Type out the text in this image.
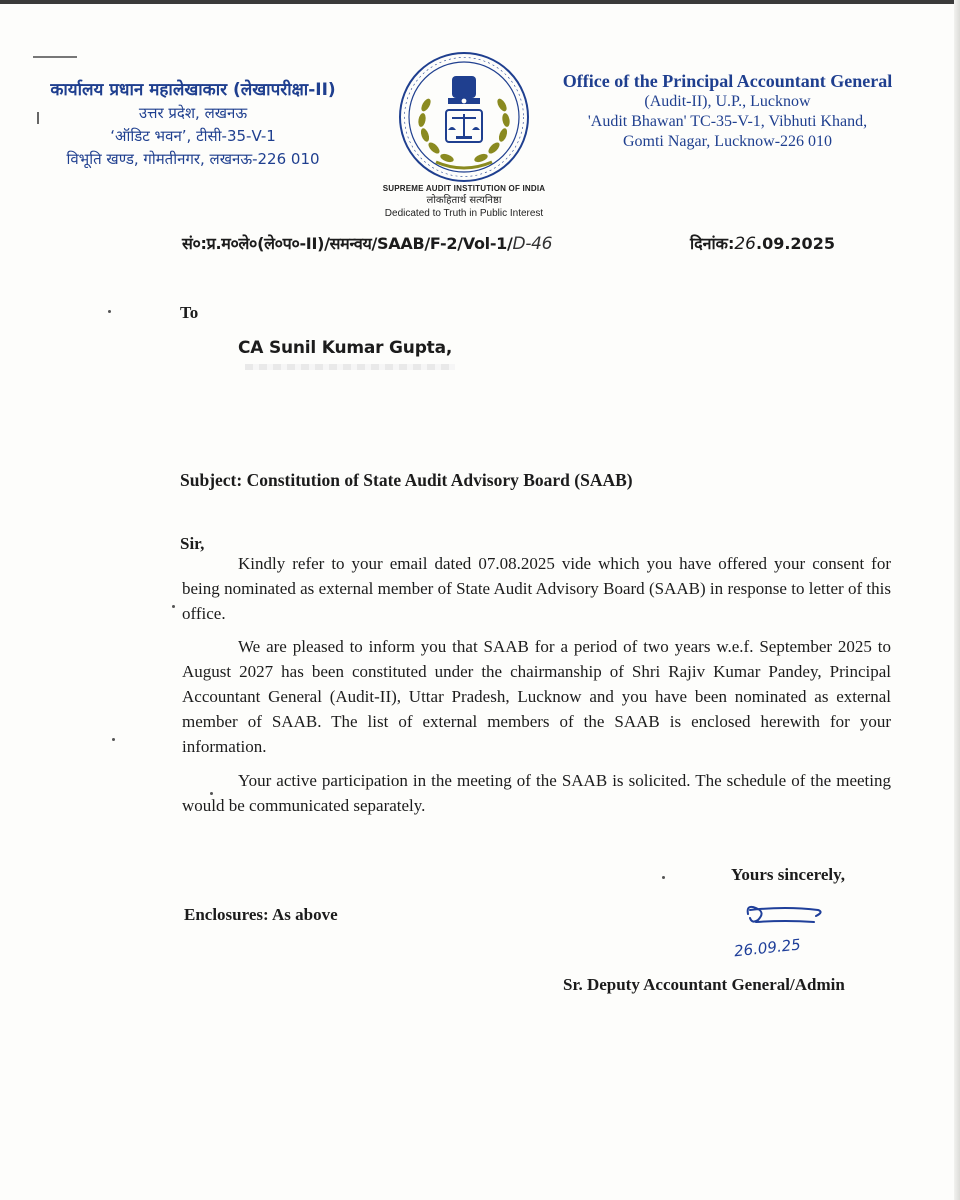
कार्यालय प्रधान महालेखाकार (लेखापरीक्षा-II)
उत्तर प्रदेश, लखनऊ
‘ऑडिट भवन’, टीसी-35-V-1
विभूति खण्ड, गोमतीनगर, लखनऊ-226 010
SUPREME AUDIT INSTITUTION OF INDIA
लोकहितार्थ सत्यनिष्ठा
Dedicated to Truth in Public Interest
Office of the Principal Accountant General
(Audit-II), U.P., Lucknow
'Audit Bhawan' TC-35-V-1, Vibhuti Khand,
Gomti Nagar, Lucknow-226 010
सं०:प्र.म०ले०(ले०प०-II)/समन्वय/SAAB/F-2/Vol-1/D-46	दिनांक:26.09.2025
To
CA Sunil Kumar Gupta,
Subject: Constitution of State Audit Advisory Board (SAAB)
Sir,
Kindly refer to your email dated 07.08.2025 vide which you have offered your consent for being nominated as external member of State Audit Advisory Board (SAAB) in response to letter of this office.
We are pleased to inform you that SAAB for a period of two years w.e.f. September 2025 to August 2027 has been constituted under the chairmanship of Shri Rajiv Kumar Pandey, Principal Accountant General (Audit-II), Uttar Pradesh, Lucknow and you have been nominated as external member of SAAB. The list of external members of the SAAB is enclosed herewith for your information.
Your active participation in the meeting of the SAAB is solicited. The schedule of the meeting would be communicated separately.
Yours sincerely,
Enclosures: As above
26.09.25
Sr. Deputy Accountant General/Admin
